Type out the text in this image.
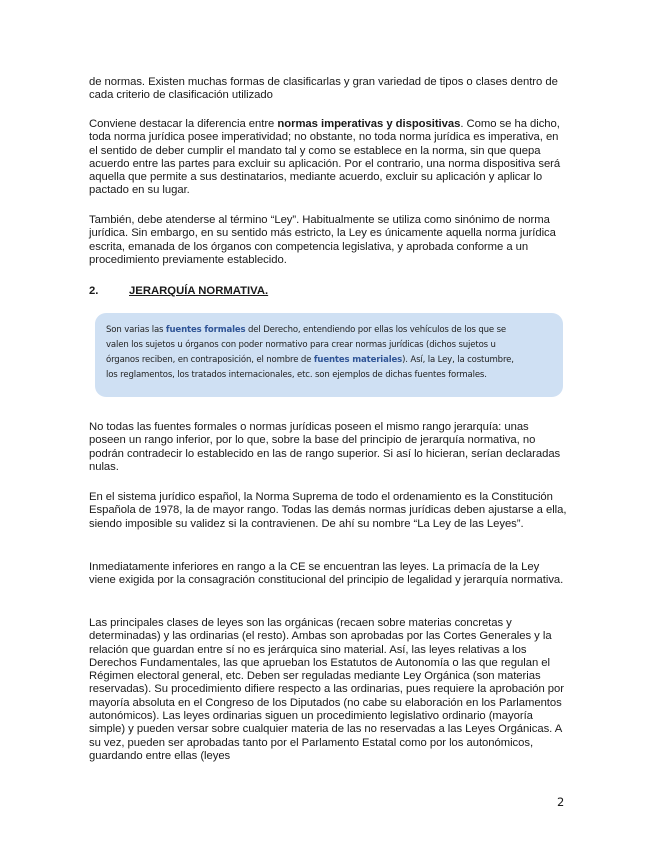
de normas. Existen muchas formas de clasificarlas y gran variedad de tipos o clases dentro de cada criterio de clasificación utilizado

Conviene destacar la diferencia entre normas imperativas y dispositivas. Como se ha dicho, toda norma jurídica posee imperatividad; no obstante, no toda norma jurídica es imperativa, en el sentido de deber cumplir el mandato tal y como se establece en la norma, sin que quepa acuerdo entre las partes para excluir su aplicación. Por el contrario, una norma dispositiva será aquella que permite a sus destinatarios, mediante acuerdo, excluir su aplicación y aplicar lo pactado en su lugar.

También, debe atenderse al término “Ley”. Habitualmente se utiliza como sinónimo de norma jurídica. Sin embargo, en su sentido más estricto, la Ley es únicamente aquella norma jurídica escrita, emanada de los órganos con competencia legislativa, y aprobada conforme a un procedimiento previamente establecido.

2.	JERARQUÍA NORMATIVA.

Son varias las fuentes formales del Derecho, entendiendo por ellas los vehículos de los que se

valen los sujetos u órganos con poder normativo para crear normas jurídicas (dichos sujetos u

órganos reciben, en contraposición, el nombre de fuentes materiales). Así, la Ley, la costumbre,

los reglamentos, los tratados internacionales, etc. son ejemplos de dichas fuentes formales.

No todas las fuentes formales o normas jurídicas poseen el mismo rango jerarquía: unas poseen un rango inferior, por lo que, sobre la base del principio de jerarquía normativa, no podrán contradecir lo establecido en las de rango superior. Si así lo hicieran, serían declaradas nulas.

En el sistema jurídico español, la Norma Suprema de todo el ordenamiento es la Constitución Española de 1978, la de mayor rango. Todas las demás normas jurídicas deben ajustarse a ella, siendo imposible su validez si la contravienen. De ahí su nombre “La Ley de las Leyes”.

Inmediatamente inferiores en rango a la CE se encuentran las leyes. La primacía de la Ley viene exigida por la consagración constitucional del principio de legalidad y jerarquía normativa.

Las principales clases de leyes son las orgánicas (recaen sobre materias concretas y determinadas) y las ordinarias (el resto). Ambas son aprobadas por las Cortes Generales y la relación que guardan entre sí no es jerárquica sino material. Así, las leyes relativas a los Derechos Fundamentales, las que aprueban los Estatutos de Autonomía o las que regulan el Régimen electoral general, etc. Deben ser reguladas mediante Ley Orgánica (son materias reservadas). Su procedimiento difiere respecto a las ordinarias, pues requiere la aprobación por mayoría absoluta en el Congreso de los Diputados (no cabe su elaboración en los Parlamentos autonómicos). Las leyes ordinarias siguen un procedimiento legislativo ordinario (mayoría simple) y pueden versar sobre cualquier materia de las no reservadas a las Leyes Orgánicas. A su vez, pueden ser aprobadas tanto por el Parlamento Estatal como por los autonómicos, guardando entre ellas (leyes

2
